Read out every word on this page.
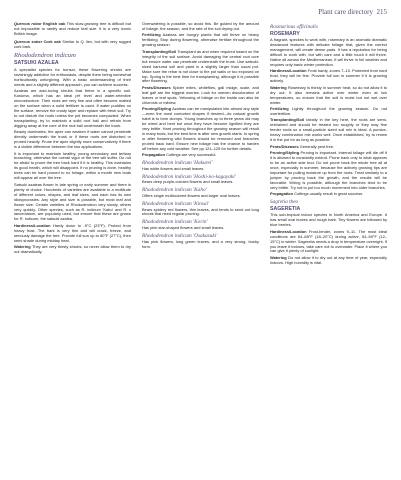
Plant care directory 215

Quercus robur English oak This slow-growing tree is difficult but not impossible to ramify and reduce leaf size. It is a very iconic British image.

Quercus suber Cork oak Similar to Q. ilex, but with very rugged cork bark.

Rhododendron indicum
SATSUKI AZALEA

A specialist species for bonsai, these flowering shrubs are ravishingly addictive for enthusiasts, despite them being somewhat horticulturally unforgiving. With a basic understanding of their needs and a slightly different approach, you can achieve success.

Azaleas are acid-loving shrubs that thrive in a specific soil. Kanuma, which has an ideal pH level and water-retentive microstructure. Their roots are very fine and often become matted on the surface when a solid fertilizer is used. If water puddles on the surface, remove the crusty layer and replace with fresh soil. Try to not disturb the roots unless the pot becomes compacted. When transplanting, try to maintain a solid root ball and refrain from digging away at the core of the root ball underneath the trunk.

Beauty dominates, the apex can weaken if water cannot penetrate directly underneath the trunk or if these roots are disturbed or pruned heavily. Prune the apex slightly more conservatively if there is a visible difference between the two applications.

It is important to maintain healthy, young secondary and tertiary branching, otherwise the overall vigor of the tree will suffer. Do not be afraid to prune the tree back hard if it is healthy. This maintains its good health, which will disappoint. If no pruning is done, healthy trees can be hard pruned to no foliage, within a month new buds will appear all over the tree.

Satsuki azaleas flower in late spring or early summer and there is plenty of choice. Hundreds of varieties are available in a multitude of different colors, shapes, and leaf sizes, and each has its own idiosyncrasies. Any style and size is possible, but most leaf and flower size. Certain varieties of Rhododendron very slowly, others very quickly. Other species, such as R. indicum 'Kaho' and R. x lanceolatum, are popularly used, but ensure that these are grown for R. indicum, the satsuki azalea.

Hardiness/Location Hardy down to -5°C (23°F). Protect from heavy frost. The bark is very thin and will crack, freeze, and seriously damage the tree. Provide full sun up to 80°F (27°C), then semi shade during midday heat.

Watering They are very thirsty shrubs, so never allow them to dry out dramatically.

Overwatering is possible, so avoid this. Be guided by the amount of foliage, the season, and the rate of the soil drying out.

Fertilizing Azaleas are hungry plants that will thrive on heavy fertilizing. Stop during flowering, otherwise fertilize throughout the growing season.

Transplanting/Soil Transplant as and when required based on the integrity of the soil surface. Avoid damaging the central root core but ensure water can penetrate underneath the trunk. Use satsuki-sized kanuma soil and plant in a slightly larger than usual pot. Make sure the rebar is not close to the pot walls or too exposed on top. Spring is the best time for transplanting, although it is possible after flowering.

Pests/Diseases Spider mites, whiteflies, gall midge, scale, and leaf gall are the biggest worries. Look for uneven discoloration of leaves or leaf spots. Yellowing of foliage on the inside can also be chlorosis or mildew.

Pruning/Styling Azaleas can be manipulated into almost any style—even the most contorted shapes if desired—its natural growth habit is to form clumps. Young branches up to three years old may be wired and bent but once they have become lignified they are very brittle. Hard pruning throughout the growing season will result in many buds, but the best time is after new growth starts. In spring or after flowering wild flowers should be removed and branches pruned back hard. Ensure new foliage has the chance to harden off before any cold weather. See pp.121–125 for further details.

Propagation Cuttings are very successful.

Rhododendron indicum 'Hakurei'

Has white flowers and small leaves.

Rhododendron indicum 'Hoshi-no-kagayaki'

Bears deep purple-colored flowers and small leaves.

Rhododendron indicum 'Kaho'

Offers single multicolored flowers and larger oval leaves.

Rhododendron indicum 'Kinsai'

Bears spidery red flowers, thin leaves, and tends to send out long shoots that need regular pruning.

Rhododendron indicum 'Korin'

Has pink star-shaped flowers and small leaves.

Rhododendron indicum 'Osakazuki'

Has pink flowers, long green leaves, and a very strong, bushy form.

Rosmarinus officinalis
ROSEMARY

A fragrant, speckes to work with, rosemary is an aromatic dramatic deadwood features with delicate foliage that, given the correct management, will create dense pads. It has a reputation for being difficult to work with, but with care and a little touch it will thrive. Native all across the Mediterranean, it will thrive in full weather and requires only basic winter protection.

Hardiness/Location Frost hardy, zones 7–10. Protected from hard frost, they will be fine. Provide full sun in summer if it is growing actively.

Watering Rosemary is thirsty in summer heat, so do not allow it to dry out. It also remains active over winter even at low temperatures, so ensure that the soil is moist but not wet over winter.

Fertilizing Lightly throughout the growing season. Do not overfertilize.

Transplanting/Soil Ideally in the key here, the roots are semi-restrained and should be treated too roughly or they may fine feeder roots so a small-particle sized soil mix is ideal. A pumice-heavy combination mix works well. Once established, try to renew it in the pot for as long as possible.

Pests/Diseases Generally pest free.

Pruning/Styling Pruning is important. Internal foliage will die off if it is allowed to constantly extend. Prune back only to what appears to be an active side bud. Do not prune back the whole tree all at once, especially in summer, because the actively growing tips are important for pulling moisture up from the roots. Treat similarly to a juniper by pruning back the growth, and the results will be favorable. Wiring is possible, although the branches tend to be very brittle. Try not to put too much movement into older branches.

Propagation Cuttings usually result in great success.

Sagretia theo
SAGERETIA

This sub-tropical indoor species in North America and Europe. It has small oval leaves and rough bark. Tiny flowers are followed by blue berries.

Hardiness/Location Frost-tender, zones 9–11. The most ideal conditions are 64–68°F (18–20°C) during active, 54–59°F (12–15°C) in winter. Sageretia needs a drop in temperature overnight. If you leave it indoors, take care not to overwater. Place it where you can give it plenty of sunlight.

Watering Do not allow it to dry out at any time of year, especially indoors. High humidity is vital.
